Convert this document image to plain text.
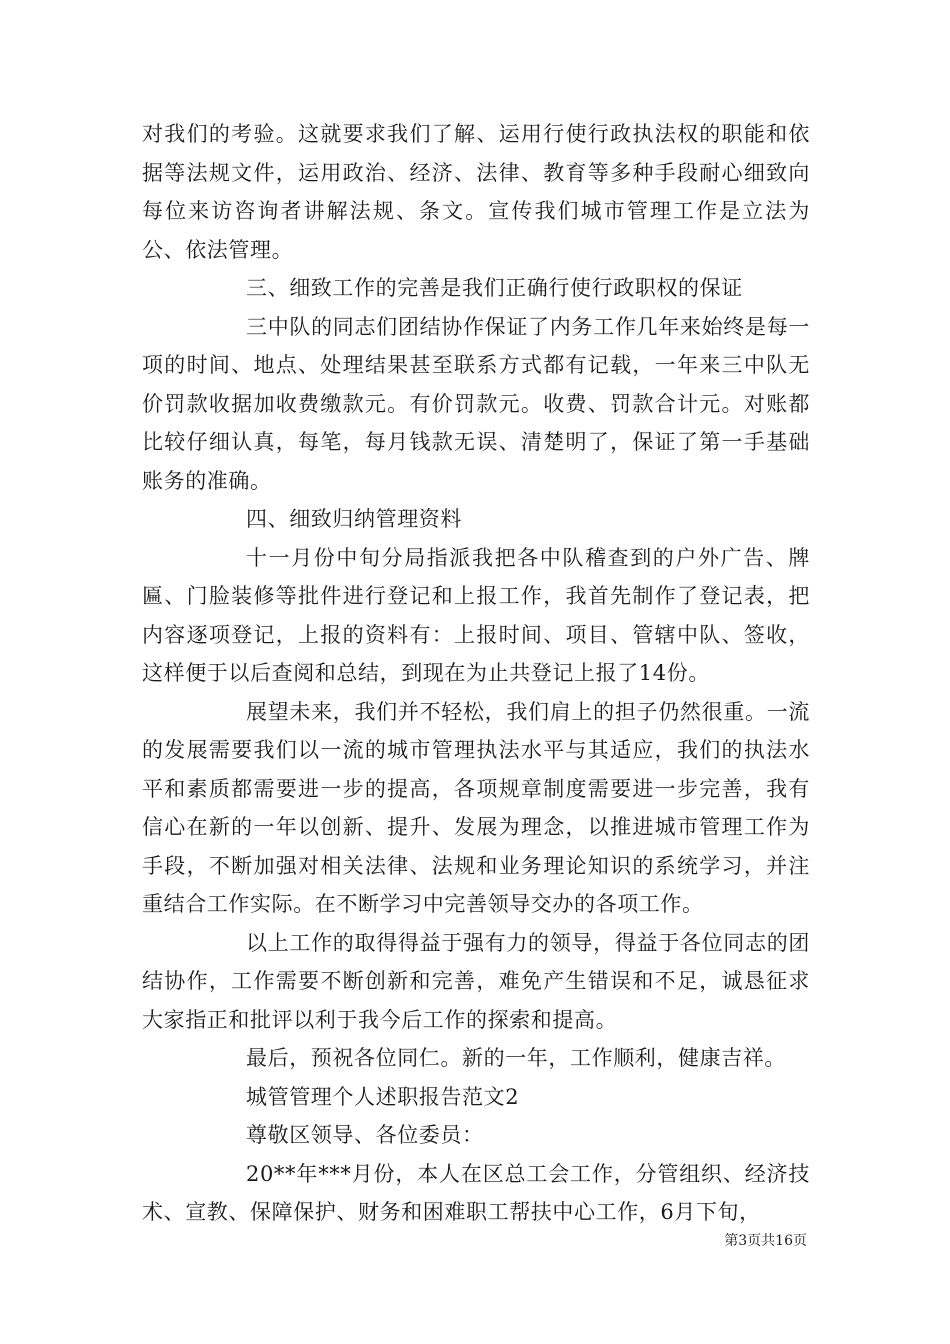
对我们的考验。这就要求我们了解、运用行使行政执法权的职能和依据等法规文件，运用政治、经济、法律、教育等多种手段耐心细致向每位来访咨询者讲解法规、条文。宣传我们城市管理工作是立法为公、依法管理。

三、细致工作的完善是我们正确行使行政职权的保证

三中队的同志们团结协作保证了内务工作几年来始终是每一项的时间、地点、处理结果甚至联系方式都有记载，一年来三中队无价罚款收据加收费缴款元。有价罚款元。收费、罚款合计元。对账都比较仔细认真，每笔，每月钱款无误、清楚明了，保证了第一手基础账务的准确。

四、细致归纳管理资料

十一月份中旬分局指派我把各中队稽查到的户外广告、牌匾、门脸装修等批件进行登记和上报工作，我首先制作了登记表，把内容逐项登记，上报的资料有：上报时间、项目、管辖中队、签收，这样便于以后查阅和总结，到现在为止共登记上报了14份。

展望未来，我们并不轻松，我们肩上的担子仍然很重。一流的发展需要我们以一流的城市管理执法水平与其适应，我们的执法水平和素质都需要进一步的提高，各项规章制度需要进一步完善，我有信心在新的一年以创新、提升、发展为理念，以推进城市管理工作为手段，不断加强对相关法律、法规和业务理论知识的系统学习，并注重结合工作实际。在不断学习中完善领导交办的各项工作。

以上工作的取得得益于强有力的领导，得益于各位同志的团结协作，工作需要不断创新和完善，难免产生错误和不足，诚恳征求大家指正和批评以利于我今后工作的探索和提高。

最后，预祝各位同仁。新的一年，工作顺利，健康吉祥。

城管管理个人述职报告范文2

尊敬区领导、各位委员：

20**年***月份，本人在区总工会工作，分管组织、经济技术、宣教、保障保护、财务和困难职工帮扶中心工作，6月下旬，

第3页共16页
